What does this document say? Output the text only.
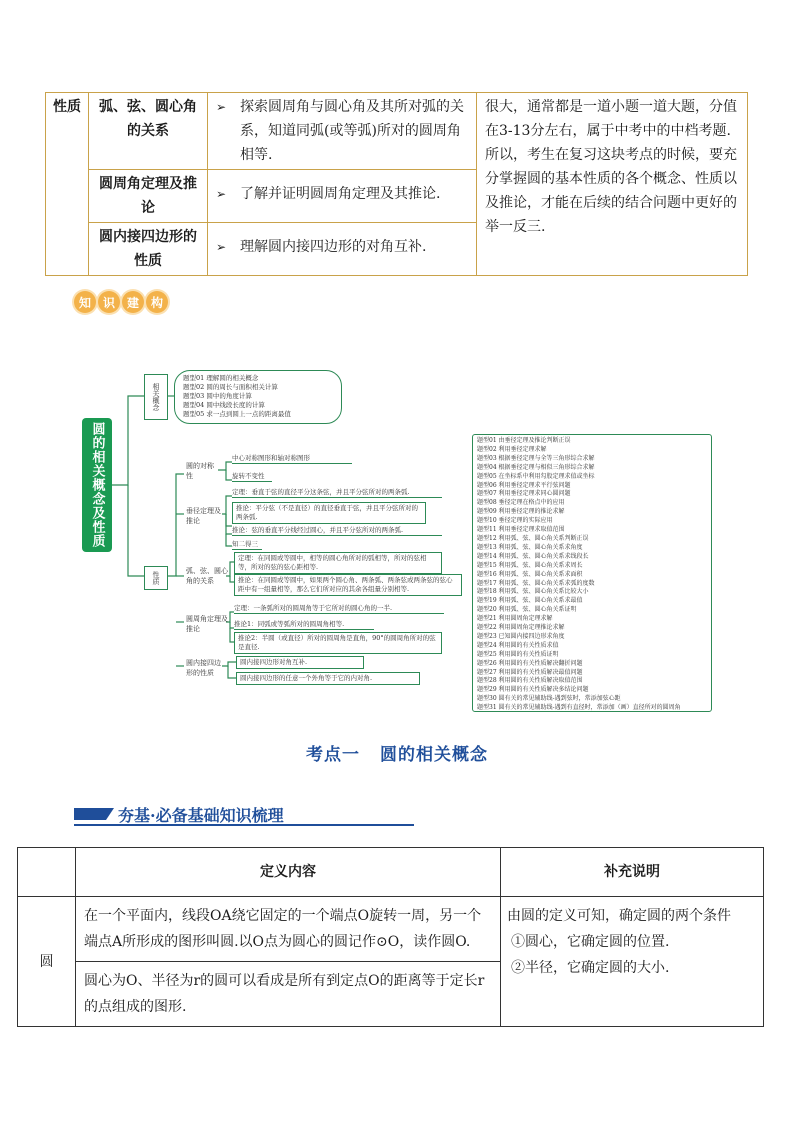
性质	弧、弦、圆心角的关系	➢ 探索圆周角与圆心角及其所对弧的关系，知道同弧(或等弧)所对的圆周角相等.	很大，通常都是一道小题一道大题，分值在3-13分左右，属于中考中的中档考题. 所以，考生在复习这块考点的时候，要充分掌握圆的基本性质的各个概念、性质以及推论，才能在后续的结合问题中更好的举一反三.
	圆周角定理及推论	➢ 了解并证明圆周角定理及其推论.	

	圆内接四边形的性质	➢ 理解圆内接四边形的对角互补.	
知 识 建 构
圆的相关概念及性质
相关概念
性质
题型01 理解圆的相关概念
题型02 圆的周长与面积相关计算
题型03 圆中的角度计算
题型04 圆中线段长度的计算
题型05 求一点到圆上一点的距离最值
圆的对称性
垂径定理及推论
弧、弦、圆心角的关系
圆周角定理及推论
圆内接四边形的性质
中心对称图形和轴对称图形
旋转不变性
定理：垂直于弦的直径平分这条弦，并且平分弦所对的两条弧.
推论：平分弦（不是直径）的直径垂直于弦，并且平分弦所对的两条弧.
推论：弦的垂直平分线经过圆心，并且平分弦所对的两条弧.
知二得三
定理：在同圆或等圆中，相等的圆心角所对的弧相等，所对的弦相等，所对的弦的弦心距相等.
推论：在同圆或等圆中，如果两个圆心角、两条弧、两条弦或两条弦的弦心距中有一组量相等，那么它们所对应的其余各组量分别相等.
定理：一条弧所对的圆周角等于它所对的圆心角的一半.
推论1：同弧或等弧所对的圆周角相等.
推论2：半圆（或直径）所对的圆周角是直角，90°的圆周角所对的弦是直径.
圆内接四边形对角互补.
圆内接四边形的任意一个外角等于它的内对角.
题型01 由垂径定理及推论判断正误
题型02 利用垂径定理求解
题型03 根据垂径定理与全等三角形综合求解
题型04 根据垂径定理与相似三角形综合求解
题型05 在坐标系中利用勾股定理求值或坐标
题型06 利用垂径定理求平行弦问题
题型07 利用垂径定理求同心圆问题
题型08 垂径定理在格点中的应用
题型09 利用垂径定理的推论求解
题型10 垂径定理的实际应用
题型11 利用垂径定理求取值范围
题型12 利用弧、弦、圆心角关系判断正误
题型13 利用弧、弦、圆心角关系求角度
题型14 利用弧、弦、圆心角关系求线段长
题型15 利用弧、弦、圆心角关系求周长
题型16 利用弧、弦、圆心角关系求面积
题型17 利用弧、弦、圆心角关系求弧的度数
题型18 利用弧、弦、圆心角关系比较大小
题型19 利用弧、弦、圆心角关系求最值
题型20 利用弧、弦、圆心角关系证明
题型21 利用圆周角定理求解
题型22 利用圆周角定理推论求解
题型23 已知圆内接四边形求角度
题型24 利用圆的有关性质求值
题型25 利用圆的有关性质证明
题型26 利用圆的有关性质解决翻折问题
题型27 利用圆的有关性质解决最值问题
题型28 利用圆的有关性质解决取值范围
题型29 利用圆的有关性质解决多结论问题
题型30 圆有关的常见辅助线-遇到弦时，常添加弦心距
题型31 圆有关的常见辅助线-遇到有直径时，常添加（画）直径所对的圆周角
考点一 圆的相关概念
夯基·必备基础知识梳理
	定义内容	补充说明
圆	在一个平面内，线段OA绕它固定的一个端点O旋转一周，另一个端点A所形成的图形叫圆.以O点为圆心的圆记作⊙O，读作圆O.	由圆的定义可知，确定圆的两个条件
①圆心，它确定圆的位置.
②半径，它确定圆的大小.

	圆心为O、半径为r的圆可以看成是所有到定点O的距离等于定长r的点组成的图形.	
